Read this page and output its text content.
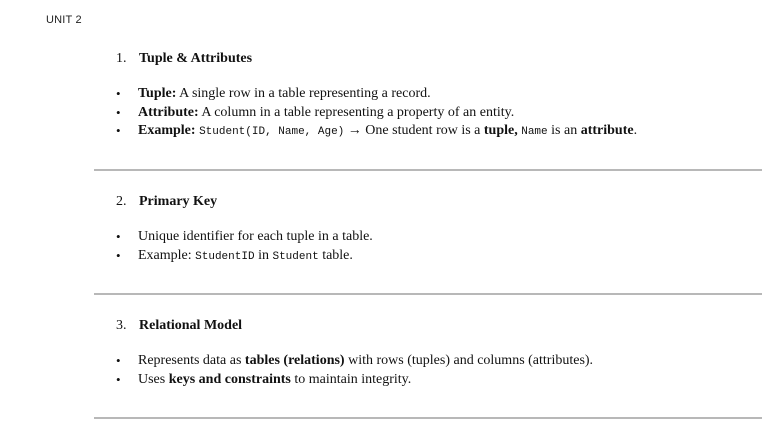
UNIT 2
1. Tuple & Attributes
• Tuple: A single row in a table representing a record.
• Attribute: A column in a table representing a property of an entity.
• Example: Student(ID, Name, Age) → One student row is a tuple, Name is an attribute.
2. Primary Key
• Unique identifier for each tuple in a table.
• Example: StudentID in Student table.
3. Relational Model
• Represents data as tables (relations) with rows (tuples) and columns (attributes).
• Uses keys and constraints to maintain integrity.
